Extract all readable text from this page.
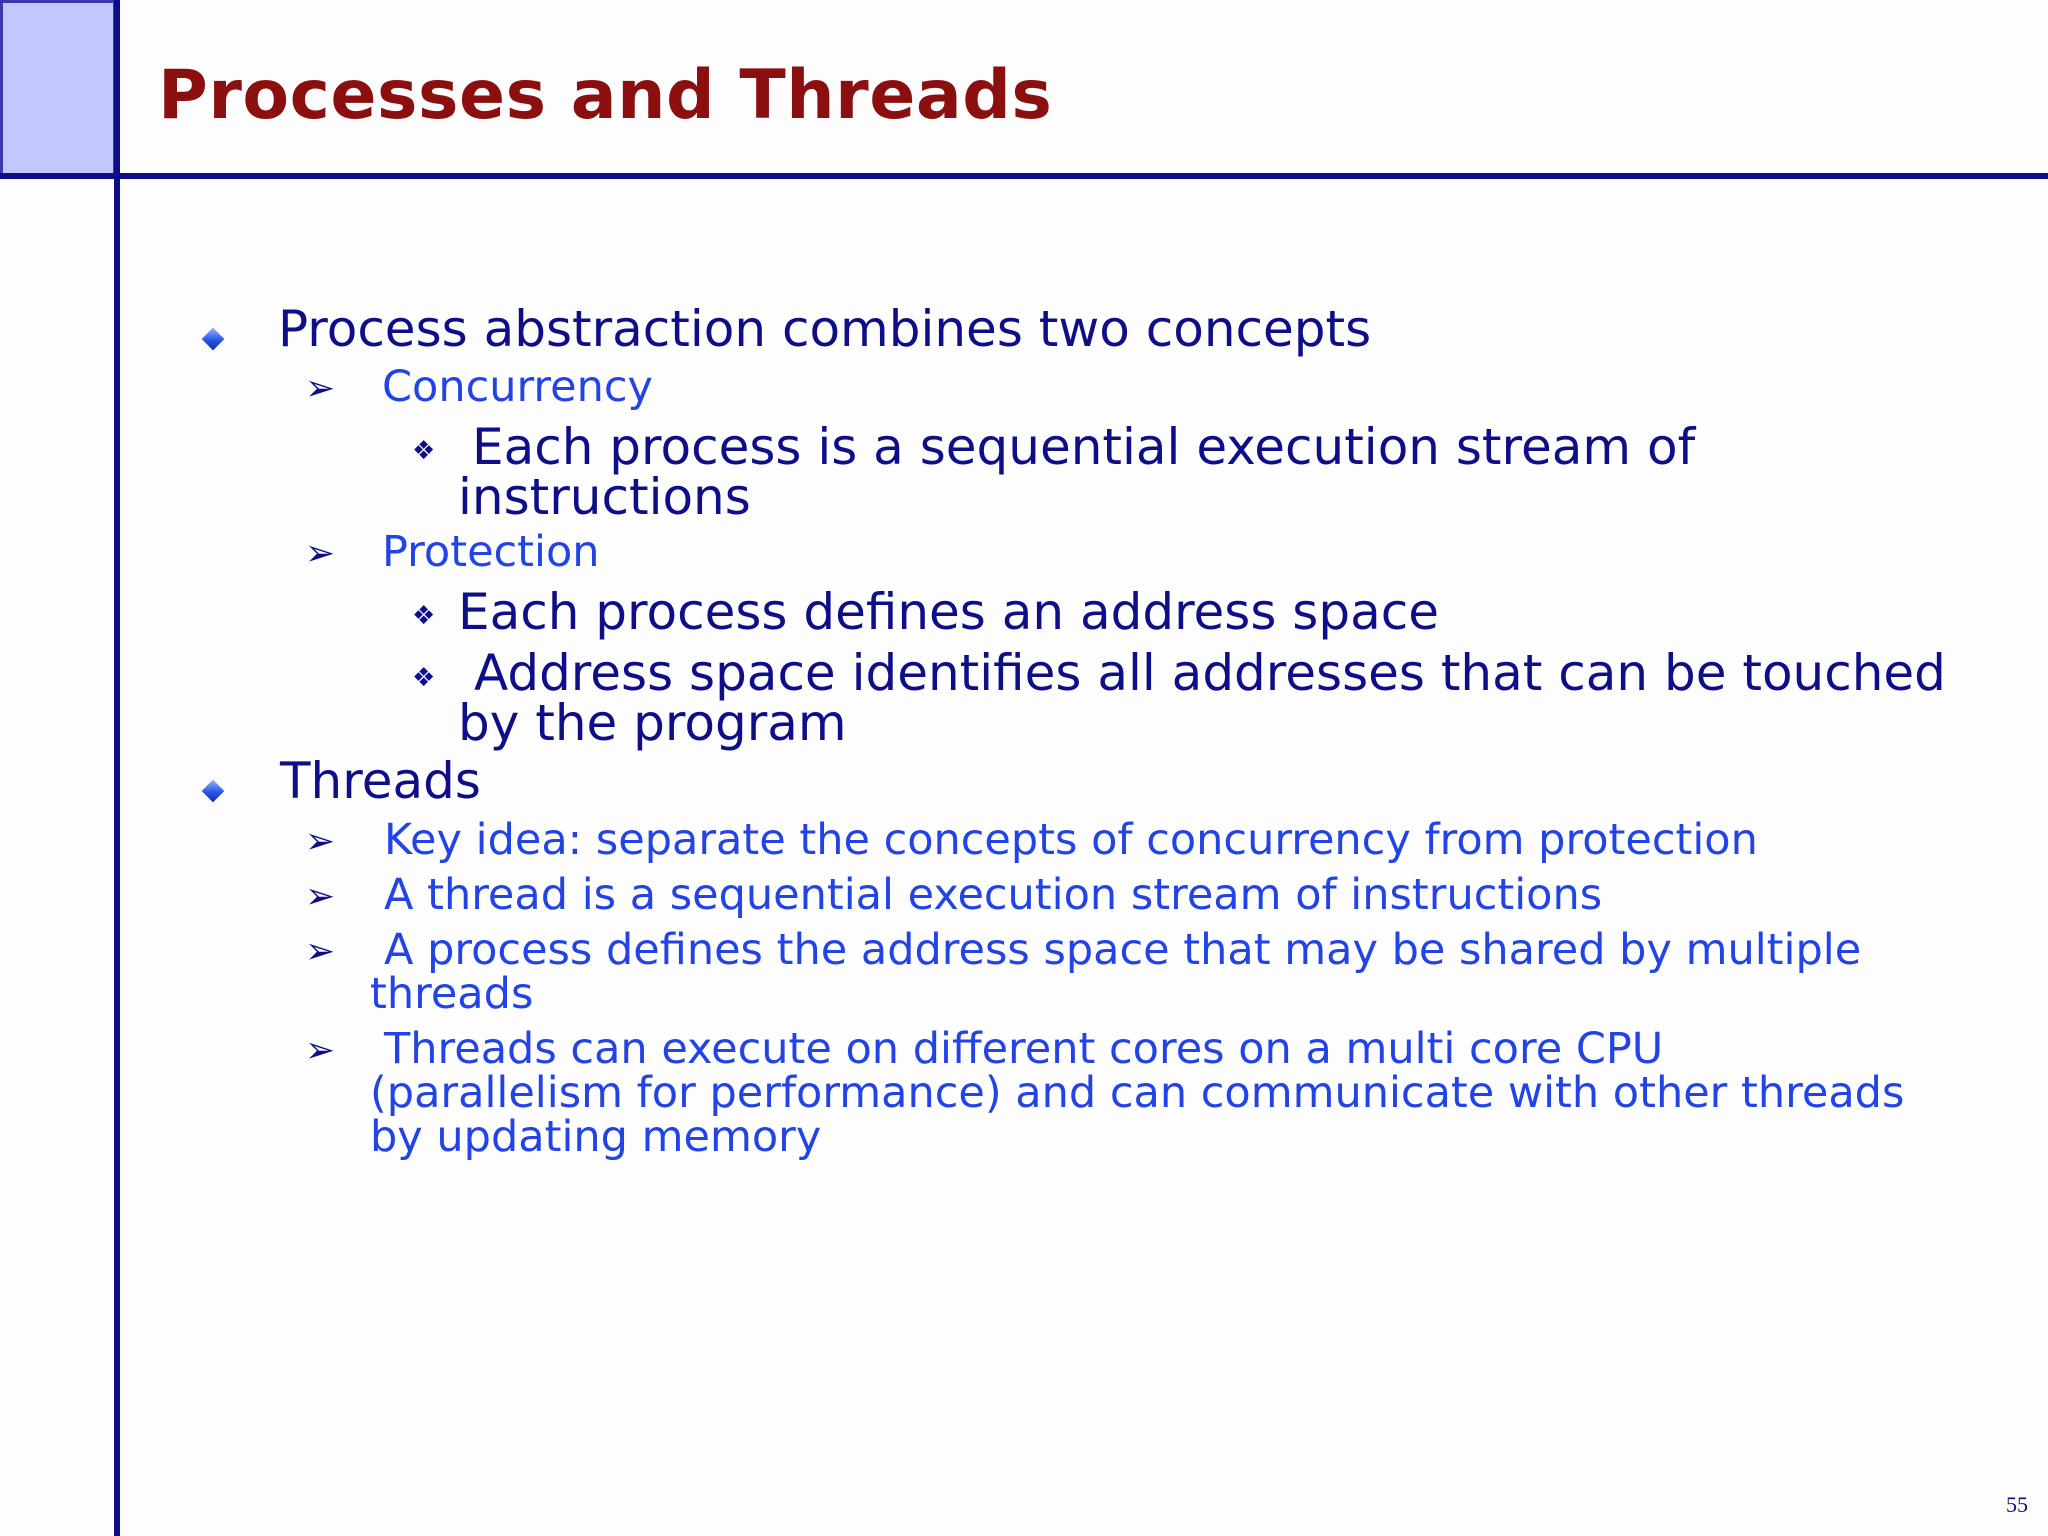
Processes and Threads
Process abstraction combines two concepts
➢ Concurrency
❖ Each process is a sequential execution stream of
instructions
➢ Protection
❖ Each process defines an address space
❖ Address space identifies all addresses that can be touched
by the program
Threads
➢ Key idea: separate the concepts of concurrency from protection
➢ A thread is a sequential execution stream of instructions
➢ A process defines the address space that may be shared by multiple
threads
➢ Threads can execute on different cores on a multi core CPU
(parallelism for performance) and can communicate with other threads
by updating memory
55
